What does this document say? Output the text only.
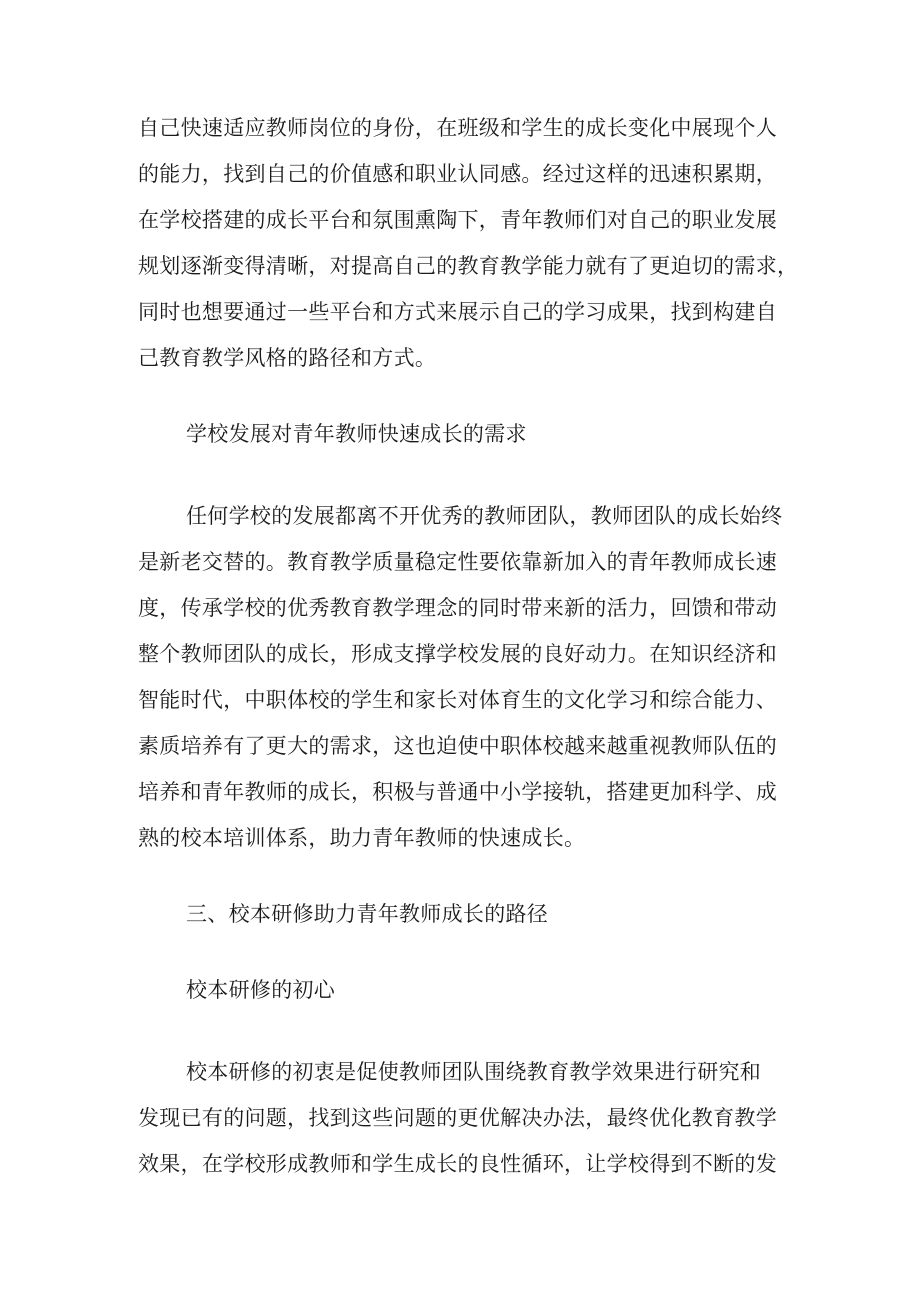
自己快速适应教师岗位的身份，在班级和学生的成长变化中展现个人
的能力，找到自己的价值感和职业认同感。经过这样的迅速积累期，
在学校搭建的成长平台和氛围熏陶下，青年教师们对自己的职业发展
规划逐渐变得清晰，对提高自己的教育教学能力就有了更迫切的需求，
同时也想要通过一些平台和方式来展示自己的学习成果，找到构建自
己教育教学风格的路径和方式。
学校发展对青年教师快速成长的需求
任何学校的发展都离不开优秀的教师团队，教师团队的成长始终
是新老交替的。教育教学质量稳定性要依靠新加入的青年教师成长速
度，传承学校的优秀教育教学理念的同时带来新的活力，回馈和带动
整个教师团队的成长，形成支撑学校发展的良好动力。在知识经济和
智能时代，中职体校的学生和家长对体育生的文化学习和综合能力、
素质培养有了更大的需求，这也迫使中职体校越来越重视教师队伍的
培养和青年教师的成长，积极与普通中小学接轨，搭建更加科学、成
熟的校本培训体系，助力青年教师的快速成长。
三、校本研修助力青年教师成长的路径
校本研修的初心
校本研修的初衷是促使教师团队围绕教育教学效果进行研究和
发现已有的问题，找到这些问题的更优解决办法，最终优化教育教学
效果，在学校形成教师和学生成长的良性循环，让学校得到不断的发
